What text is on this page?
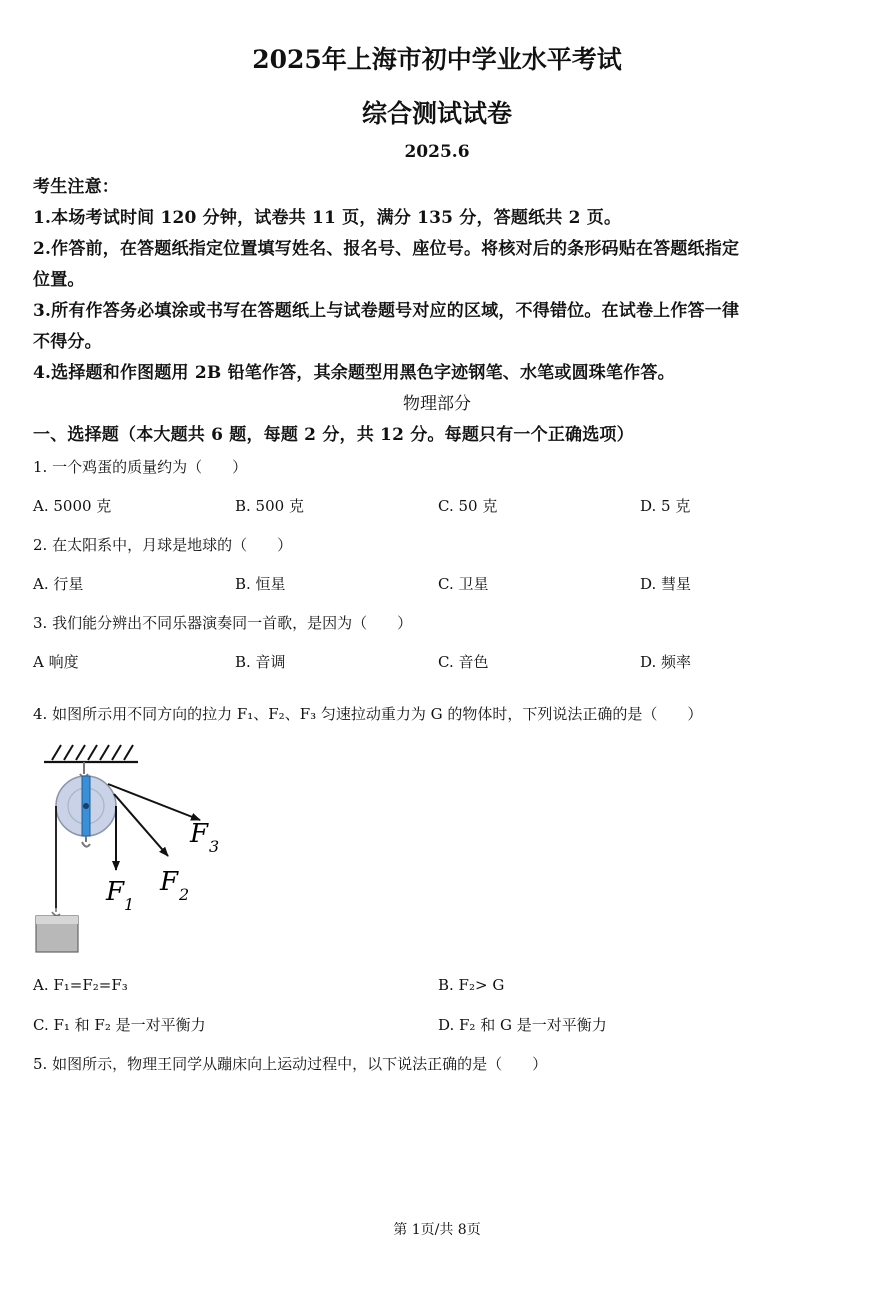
2025年上海市初中学业水平考试
综合测试试卷
2025.6
考生注意：
1.本场考试时间 120 分钟，试卷共 11 页，满分 135 分，答题纸共 2 页。
2.作答前，在答题纸指定位置填写姓名、报名号、座位号。将核对后的条形码贴在答题纸指定
位置。
3.所有作答务必填涂或书写在答题纸上与试卷题号对应的区域，不得错位。在试卷上作答一律
不得分。
4.选择题和作图题用 2B 铅笔作答，其余题型用黑色字迹钢笔、水笔或圆珠笔作答。
物理部分
一、选择题（本大题共 6 题，每题 2 分，共 12 分。每题只有一个正确选项）
1. 一个鸡蛋的质量约为（　　）
A. 5000 克	B. 500 克	C. 50 克	D. 5 克
2. 在太阳系中，月球是地球的（　　）
A. 行星	B. 恒星	C. 卫星	D. 彗星
3. 我们能分辨出不同乐器演奏同一首歌，是因为（　　）
A 响度	B. 音调	C. 音色	D. 频率
4. 如图所示用不同方向的拉力 F₁、F₂、F₃ 匀速拉动重力为 G 的物体时，下列说法正确的是（　　）
F 1
F 2
F 3
A. F₁=F₂=F₃	B. F₂> G
C. F₁ 和 F₂ 是一对平衡力	D. F₂ 和 G 是一对平衡力
5. 如图所示，物理王同学从蹦床向上运动过程中，以下说法正确的是（　　）
第 1页/共 8页
